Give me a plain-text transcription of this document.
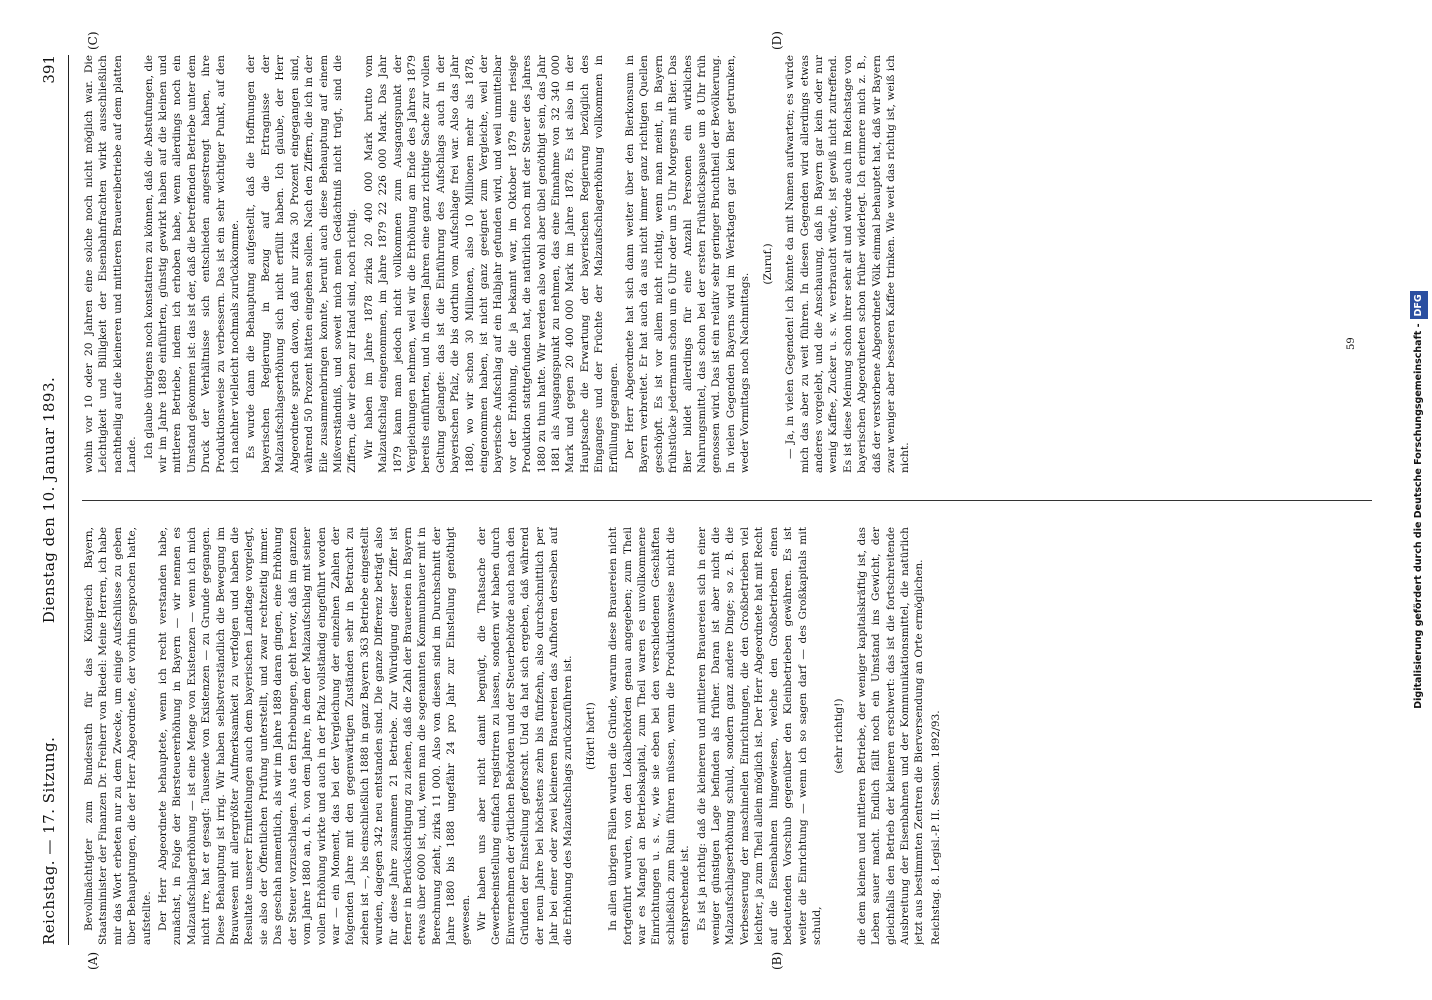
Reichstag. — 17. Sitzung.
Dienstag den 10. Januar 1893.
391
(A)	(B)
(C)	(D)

Bevollmächtigter zum Bundesrath für das Königreich Bayern, Staatsminister der Finanzen Dr. Freiherr von Riedel: Meine Herren, ich habe mir das Wort erbeten nur zu dem Zwecke, um einige Aufschlüsse zu geben über Behauptungen, die der Herr Abgeordnete, der vorhin gesprochen hatte, aufstellte. Der Herr Abgeordnete behauptete, wenn ich recht verstanden habe, zunächst, in Folge der Biersteuererhöhung in Bayern — wir nennen es Malzaufschlagerhöhung — ist eine Menge von Existenzen — wenn ich mich nicht irre, hat er gesagt: Tausende von Existenzen — zu Grunde gegangen. Diese Behauptung ist irrig. Wir haben selbstverständlich die Bewegung im Brauwesen mit allergrößter Aufmerksamkeit zu verfolgen und haben die Resultate unserer Ermittelungen auch dem bayerischen Landtage vorgelegt, sie also der Öffentlichen Prüfung unterstellt, und zwar rechtzeitig immer. Das geschah namentlich, als wir im Jahre 1889 daran gingen, eine Erhöhung der Steuer vorzuschlagen. Aus den Erhebungen, geht hervor, daß im ganzen vom Jahre 1880 an, d. h. von dem Jahre, in dem der Malzaufschlag mit seiner vollen Erhöhung wirkte und auch in der Pfalz vollständig eingeführt worden war — ein Moment, das bei der Vergleichung der einzelnen Zahlen der folgenden Jahre mit den gegenwärtigen Zuständen sehr in Betracht zu ziehen ist —, bis einschließlich 1888 in ganz Bayern 363 Betriebe eingestellt wurden, dagegen 342 neu entstanden sind. Die ganze Differenz beträgt also für diese Jahre zusammen 21 Betriebe. Zur Würdigung dieser Ziffer ist ferner in Berücksichtigung zu ziehen, daß die Zahl der Brauereien in Bayern etwas über 6000 ist, und, wenn man die sogenannten Kommunbrauer mit in Berechnung zieht, zirka 11 000. Also von diesen sind im Durchschnitt der Jahre 1880 bis 1888 ungefähr 24 pro Jahr zur Einstellung genöthigt gewesen. Wir haben uns aber nicht damit begnügt, die Thatsache der Gewerbeeinstellung einfach registriren zu lassen, sondern wir haben durch Einvernehmen der örtlichen Behörden und der Steuerbehörde auch nach den Gründen der Einstellung geforscht. Und da hat sich ergeben, daß während der neun Jahre bei höchstens zehn bis fünfzehn, also durchschnittlich per Jahr bei einer oder zwei kleineren Brauereien das Aufhören derselben auf die Erhöhung des Malzaufschlags zurückzuführen ist. (Hört! hört!) In allen übrigen Fällen wurden die Gründe, warum diese Brauereien nicht fortgeführt wurden, von den Lokalbehörden genau angegeben; zum Theil war es Mangel an Betriebskapital, zum Theil waren es unvollkommene Einrichtungen u. s. w., wie sie eben bei den verschiedenen Geschäften schließlich zum Ruin führen müssen, wenn die Produktionsweise nicht die entsprechende ist. Es ist ja richtig: daß die kleineren und mittleren Brauereien sich in einer weniger günstigen Lage befinden als früher. Daran ist aber nicht die Malzaufschlagserhöhung schuld, sondern ganz andere Dinge; so z. B. die Verbesserung der maschinellen Einrichtungen, die den Großbetrieben viel leichter, ja zum Theil allein möglich ist. Der Herr Abgeordnete hat mit Recht auf die Eisenbahnen hingewiesen, welche den Großbetrieben einen bedeutenden Vorschub gegenüber den Kleinbetrieben gewähren. Es ist weiter die Einrichtung — wenn ich so sagen darf — des Großkapitals mit schuld,

(sehr richtig!) die dem kleinen und mittleren Betriebe, der weniger kapitalskräftig ist, das Leben sauer macht. Endlich fällt noch ein Umstand ins Gewicht, der gleichfalls den Betrieb der kleineren erschwert: das ist die fortschreitende Ausbreitung der Eisenbahnen und der Kommunikationsmittel, die natürlich jetzt aus bestimmten Zentren die Bierversendung an Orte ermöglichen. Reichstag. 8. Legisl.-P. II. Session. 1892/93.

wohin vor 10 oder 20 Jahren eine solche noch nicht möglich war. Die Leichtigkeit und Billigkeit der Eisenbahnfrachten wirkt ausschließlich nachtheilig auf die kleineren und mittleren Brauereibetriebe auf dem platten Lande. Ich glaube übrigens noch konstatiren zu können, daß die Abstufungen, die wir im Jahre 1889 einführten, günstig gewirkt haben auf die kleinen und mittleren Betriebe, indem ich erhoben habe, wenn allerdings noch ein Umstand gekommen ist: das ist der, daß die betreffenden Betriebe unter dem Druck der Verhältnisse sich entschieden angestrengt haben, ihre Produktionsweise zu verbessern. Das ist ein sehr wichtiger Punkt, auf den ich nachher vielleicht nochmals zurückkomme. Es wurde dann die Behauptung aufgestellt, daß die Hoffnungen der bayerischen Regierung in Bezug auf die Ertragnisse der Malzaufschlagserhöhung sich nicht erfüllt haben. Ich glaube, der Herr Abgeordnete sprach davon, daß nur zirka 30 Prozent eingegangen sind, während 50 Prozent hätten eingehen sollen. Nach den Ziffern, die ich in der Eile zusammenbringen konnte, beruht auch diese Behauptung auf einem Mißverständniß, und soweit mich mein Gedächtniß nicht trügt, sind die Ziffern, die wir eben zur Hand sind, noch richtig. Wir haben im Jahre 1878 zirka 20 400 000 Mark brutto vom Malzaufschlag eingenommen, im Jahre 1879 22 226 000 Mark. Das Jahr 1879 kann man jedoch nicht vollkommen zum Ausgangspunkt der Vergleichungen nehmen, weil wir die Erhöhung am Ende des Jahres 1879 bereits einführten, und in diesen Jahren eine ganz richtige Sache zur vollen Geltung gelangte: das ist die Einführung des Aufschlags auch in der bayerischen Pfalz, die bis dorthin vom Aufschlage frei war. Also das Jahr 1880, wo wir schon 30 Millionen, also 10 Millionen mehr als 1878, eingenommen haben, ist nicht ganz geeignet zum Vergleiche, weil der bayerische Aufschlag auf ein Halbjahr gefunden wird, und weil unmittelbar vor der Erhöhung, die ja bekannt war, im Oktober 1879 eine riesige Produktion stattgefunden hat, die natürlich noch mit der Steuer des Jahres 1880 zu thun hatte. Wir werden also wohl aber übel genöthigt sein, das Jahr 1881 als Ausgangspunkt zu nehmen, das eine Einnahme von 32 340 000 Mark und gegen 20 400 000 Mark im Jahre 1878. Es ist also in der Hauptsache die Erwartung der bayerischen Regierung bezüglich des Einganges und der Früchte der Malzaufschlagerhöhung vollkommen in Erfüllung gegangen. Der Herr Abgeordnete hat sich dann weiter über den Bierkonsum in Bayern verbreitet. Er hat auch da aus nicht immer ganz richtigen Quellen geschöpft. Es ist vor allem nicht richtig, wenn man meint, in Bayern frühstücke jedermann schon um 6 Uhr oder um 5 Uhr Morgens mit Bier. Das Bier bildet allerdings für eine Anzahl Personen ein wirkliches Nahrungsmittel, das schon bei der ersten Frühstückspause um 8 Uhr früh genossen wird. Das ist ein relativ sehr geringer Bruchtheil der Bevölkerung. In vielen Gegenden Bayerns wird im Werktagen gar kein Bier getrunken, weder Vormittags noch Nachmittags.

(Zuruf.) — Ja, in vielen Gegenden! ich könnte da mit Namen aufwarten; es würde mich das aber zu weit führen. In diesen Gegenden wird allerdings etwas anderes vorgelebt, und die Anschauung, daß in Bayern gar kein oder nur wenig Kaffee, Zucker u. s. w. verbraucht würde, ist gewiß nicht zutreffend. Es ist diese Meinung schon ihrer sehr alt und wurde auch im Reichstage von bayerischen Abgeordneten schon früher widerlegt. Ich erinnere mich z. B., daß der verstorbene Abgeordnete Völk einmal behauptet hat, daß wir Bayern zwar weniger aber besseren Kaffee trinken. Wie weit das richtig ist, weiß ich nicht.

59	Digitalisierung gefördert durch die Deutsche Forschungsgemeinschaft -DFG
